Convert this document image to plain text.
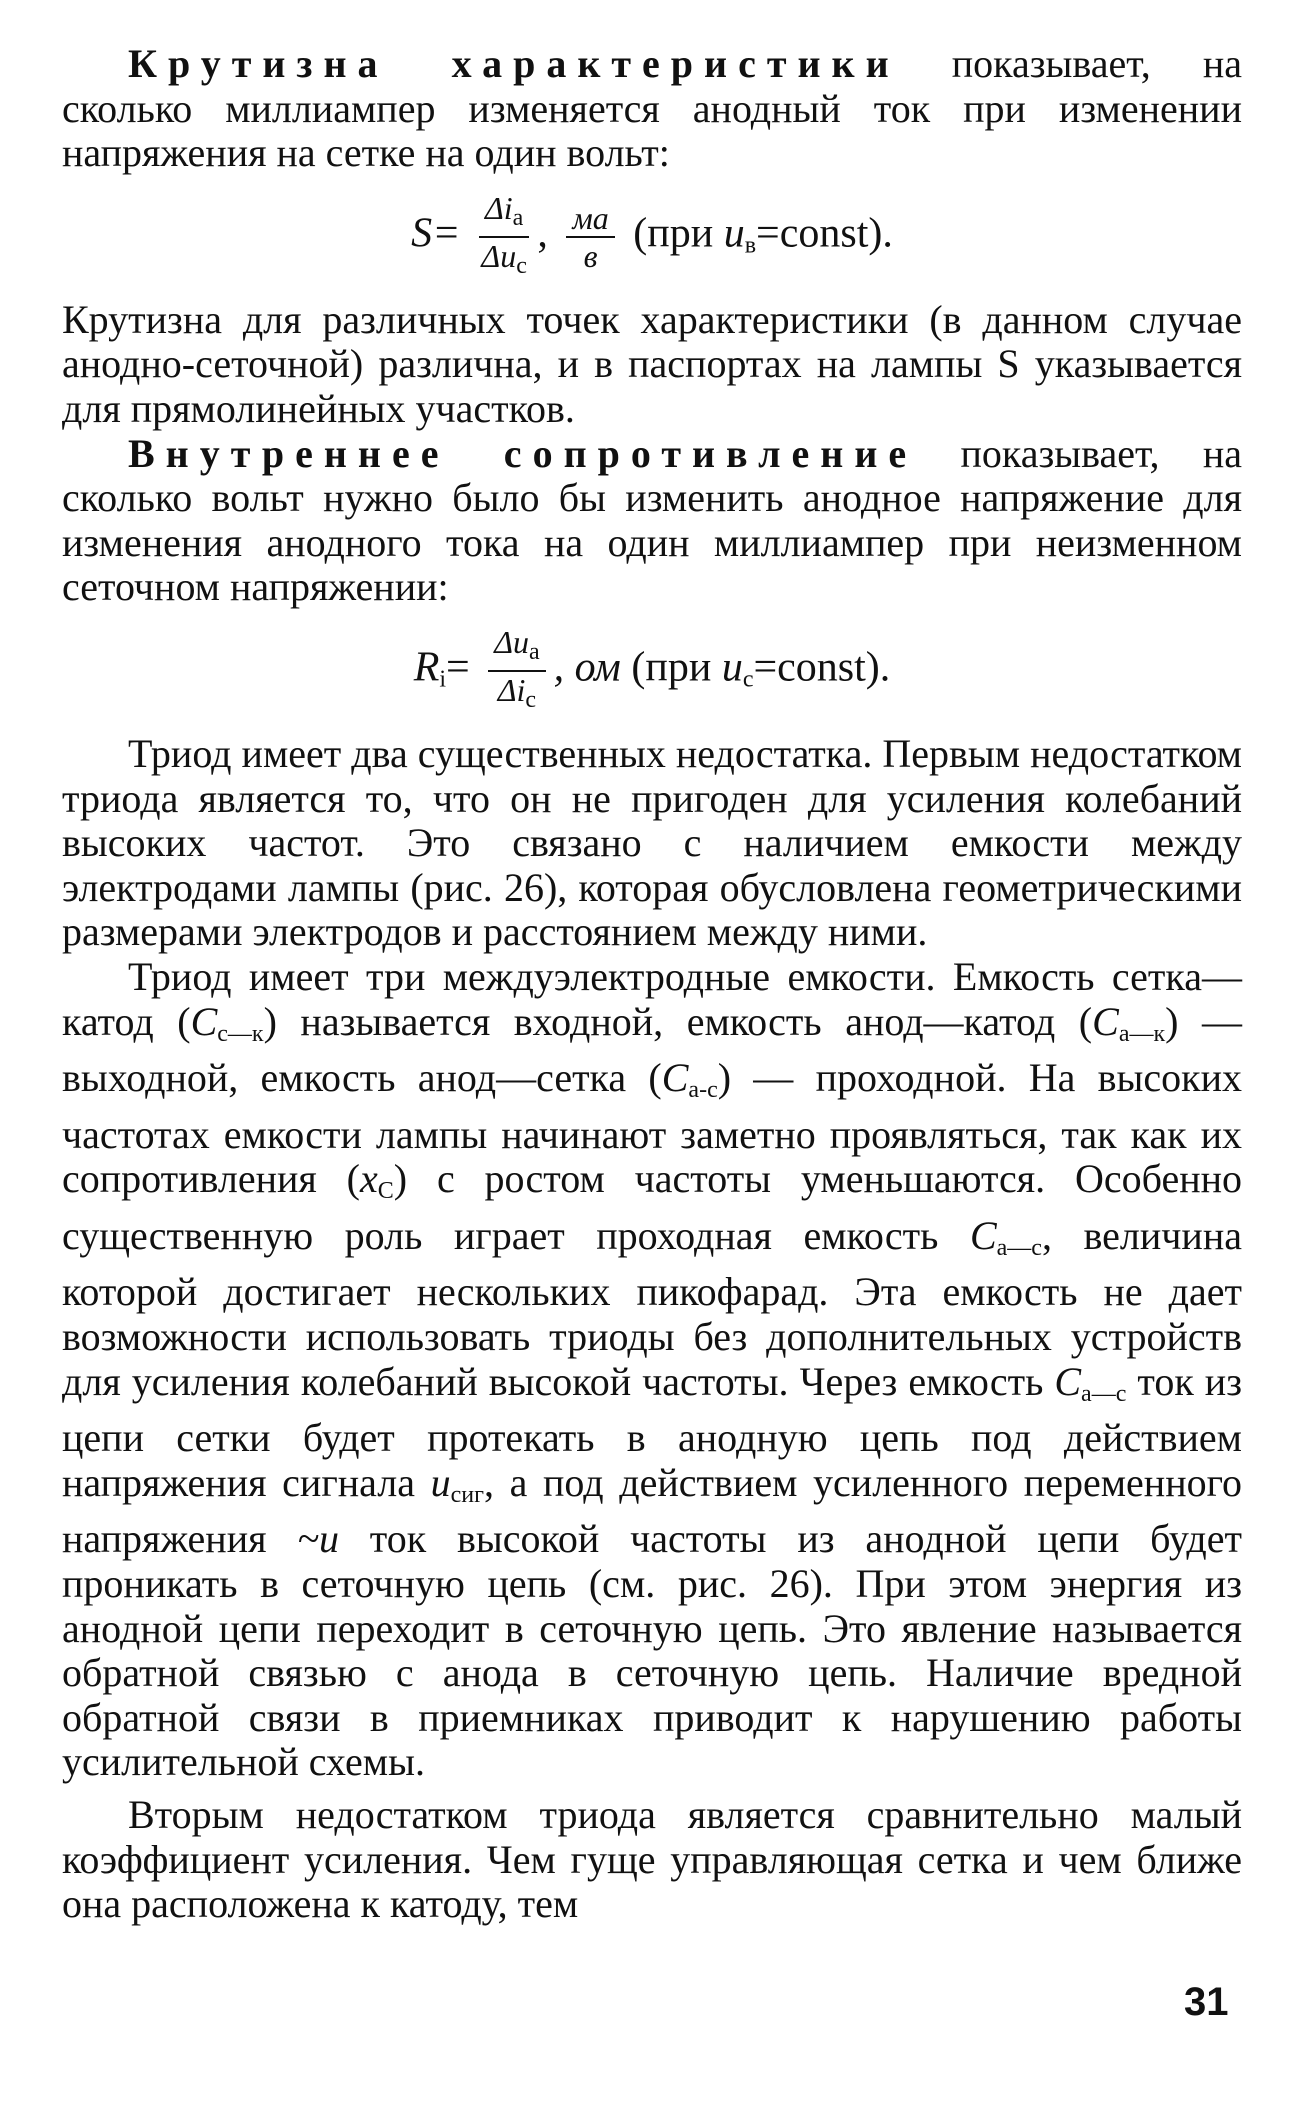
Крутизна характеристики показывает, на сколько миллиампер изменяется анодный ток при изменении напряжения на сетке на один вольт:

$S= \frac{\Delta i_a}{\Delta u_c}$ , $\frac{ма}{в} (при$ $u_в=const$).

Крутизна для различных точек характеристики (в данном случае анодно-сеточной) различна, и в паспортах на лампы S указывается для прямолинейных участков.

Внутреннее сопротивление показывает, на сколько вольт нужно было бы изменить анодное напряжение для изменения анодного тока на один миллиампер при неизменном сеточном напряжении:

$R_i= \frac{\Delta u_a}{\Delta i_c}$ , ом (при $u_c=const$).

Триод имеет два существенных недостатка. Первым недостатком триода является то, что он не пригоден для усиления колебаний высоких частот. Это связано с наличием емкости между электродами лампы (рис. 26), которая обусловлена геометрическими размерами электродов и расстоянием между ними.

Триод имеет три междуэлектродные емкости. Емкость сетка—катод $(C_{с—к})$ называется входной, емкость анод—катод $(C_{а—к})$ — выходной, емкость анод—сетка $(C_{а-с})$ — проходной. На высоких частотах емкости лампы начинают заметно проявляться, так как их сопротивления $(x_C)$ с ростом частоты уменьшаются. Особенно существенную роль играет проходная емкость $C_{а—с}$, величина которой достигает нескольких пикофарад. Эта емкость не дает возможности использовать триоды без дополнительных устройств для усиления колебаний высокой частоты. Через емкость $C_{а—с}$ ток из цепи сетки будет протекать в анодную цепь под действием напряжения сигнала $u_{сиг}$, а под действием усиленного переменного напряжения ~u ток высокой частоты из анодной цепи будет проникать в сеточную цепь (см. рис. 26). При этом энергия из анодной цепи переходит в сеточную цепь. Это явление называется обратной связью с анода в сеточную цепь. Наличие вредной обратной связи в приемниках приводит к нарушению работы усилительной схемы.

Вторым недостатком триода является сравнительно малый коэффициент усиления. Чем гуще управляющая сетка и чем ближе она расположена к катоду, тем

31
